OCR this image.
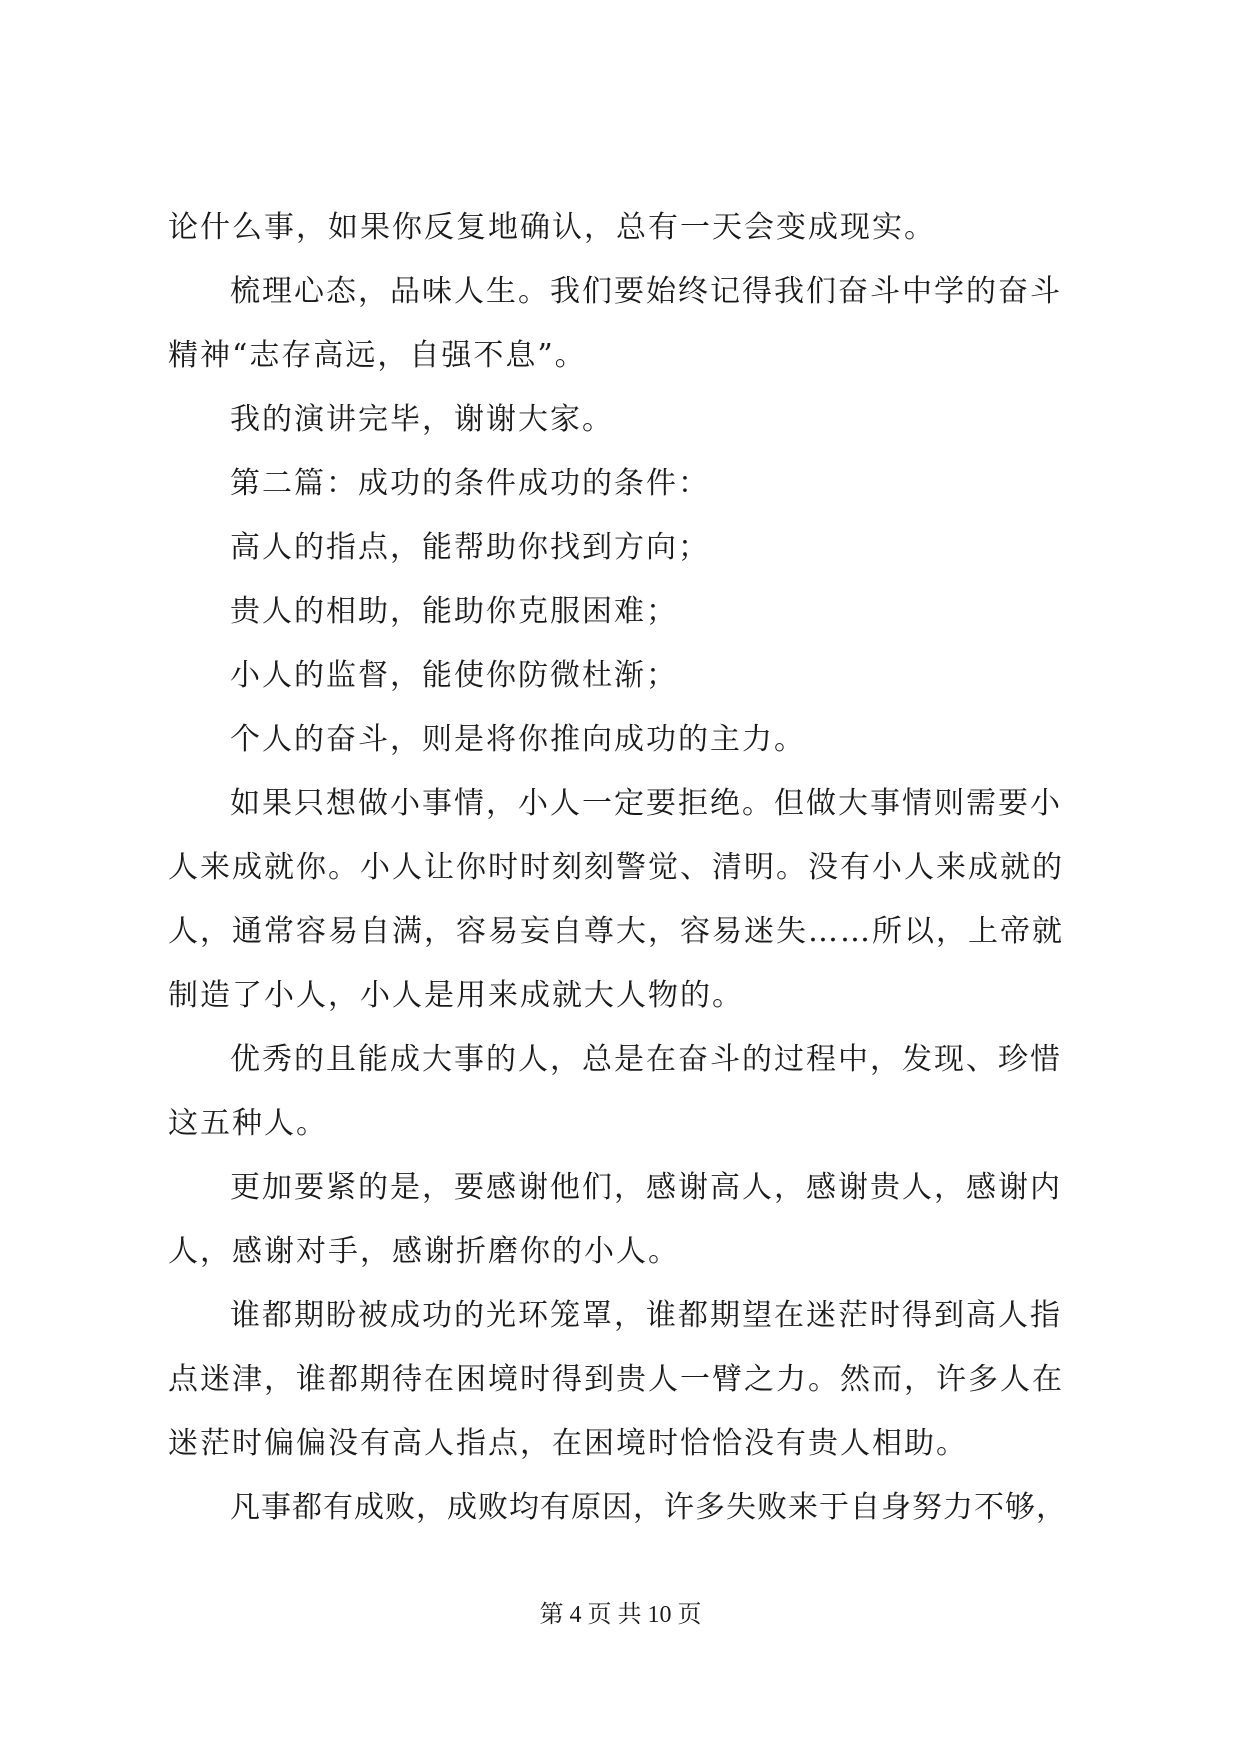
论什么事，如果你反复地确认，总有一天会变成现实。
梳理心态，品味人生。我们要始终记得我们奋斗中学的奋斗
精神“志存高远，自强不息”。
我的演讲完毕，谢谢大家。
第二篇：成功的条件成功的条件：
高人的指点，能帮助你找到方向；
贵人的相助，能助你克服困难；
小人的监督，能使你防微杜渐；
个人的奋斗，则是将你推向成功的主力。
如果只想做小事情，小人一定要拒绝。但做大事情则需要小
人来成就你。小人让你时时刻刻警觉、清明。没有小人来成就的
人，通常容易自满，容易妄自尊大，容易迷失……所以，上帝就
制造了小人，小人是用来成就大人物的。
优秀的且能成大事的人，总是在奋斗的过程中，发现、珍惜
这五种人。
更加要紧的是，要感谢他们，感谢高人，感谢贵人，感谢内
人，感谢对手，感谢折磨你的小人。
谁都期盼被成功的光环笼罩，谁都期望在迷茫时得到高人指
点迷津，谁都期待在困境时得到贵人一臂之力。然而，许多人在
迷茫时偏偏没有高人指点，在困境时恰恰没有贵人相助。
凡事都有成败，成败均有原因，许多失败来于自身努力不够，
第 4 页 共 10 页
